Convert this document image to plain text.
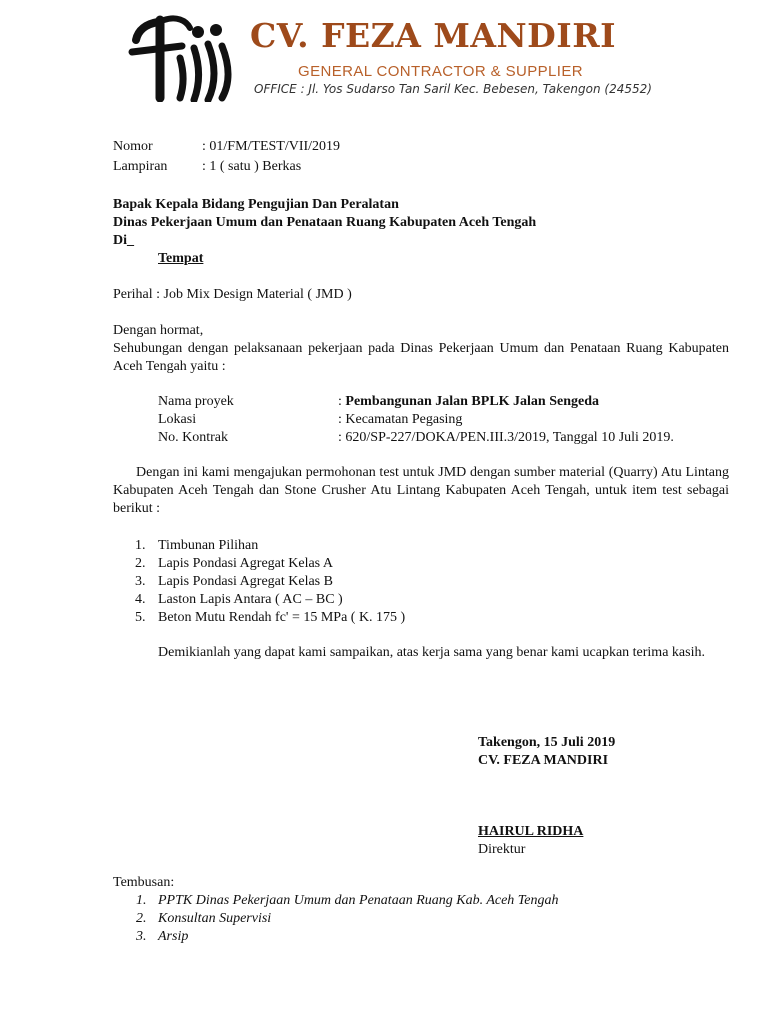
CV. FEZA MANDIRI
GENERAL CONTRACTOR & SUPPLIER
OFFICE : Jl. Yos Sudarso Tan Saril Kec. Bebesen, Takengon (24552)
Nomor	: 01/FM/TEST/VII/2019
Lampiran : 1 ( satu ) Berkas
Bapak Kepala Bidang Pengujian Dan Peralatan
Dinas Pekerjaan Umum dan Penataan Ruang Kabupaten Aceh Tengah
Di_
Tempat
Perihal : Job Mix Design Material ( JMD )
Dengan hormat,
Sehubungan dengan pelaksanaan pekerjaan pada Dinas Pekerjaan Umum dan Penataan Ruang Kabupaten Aceh Tengah yaitu :
Nama proyek	: Pembangunan Jalan BPLK Jalan Sengeda
Lokasi	: Kecamatan Pegasing
No. Kontrak	: 620/SP-227/DOKA/PEN.III.3/2019, Tanggal 10 Juli 2019.
Dengan ini kami mengajukan permohonan test untuk JMD dengan sumber material (Quarry) Atu Lintang Kabupaten Aceh Tengah dan Stone Crusher Atu Lintang Kabupaten Aceh Tengah, untuk item test sebagai berikut :
1. Timbunan Pilihan
2. Lapis Pondasi Agregat Kelas A
3. Lapis Pondasi Agregat Kelas B
4. Laston Lapis Antara ( AC – BC )
5. Beton Mutu Rendah fc' = 15 MPa ( K. 175 )
Demikianlah yang dapat kami sampaikan, atas kerja sama yang benar kami ucapkan terima kasih.
Takengon, 15 Juli 2019
CV. FEZA MANDIRI
HAIRUL RIDHA
Direktur
Tembusan:
1. PPTK Dinas Pekerjaan Umum dan Penataan Ruang Kab. Aceh Tengah
2. Konsultan Supervisi
3. Arsip
